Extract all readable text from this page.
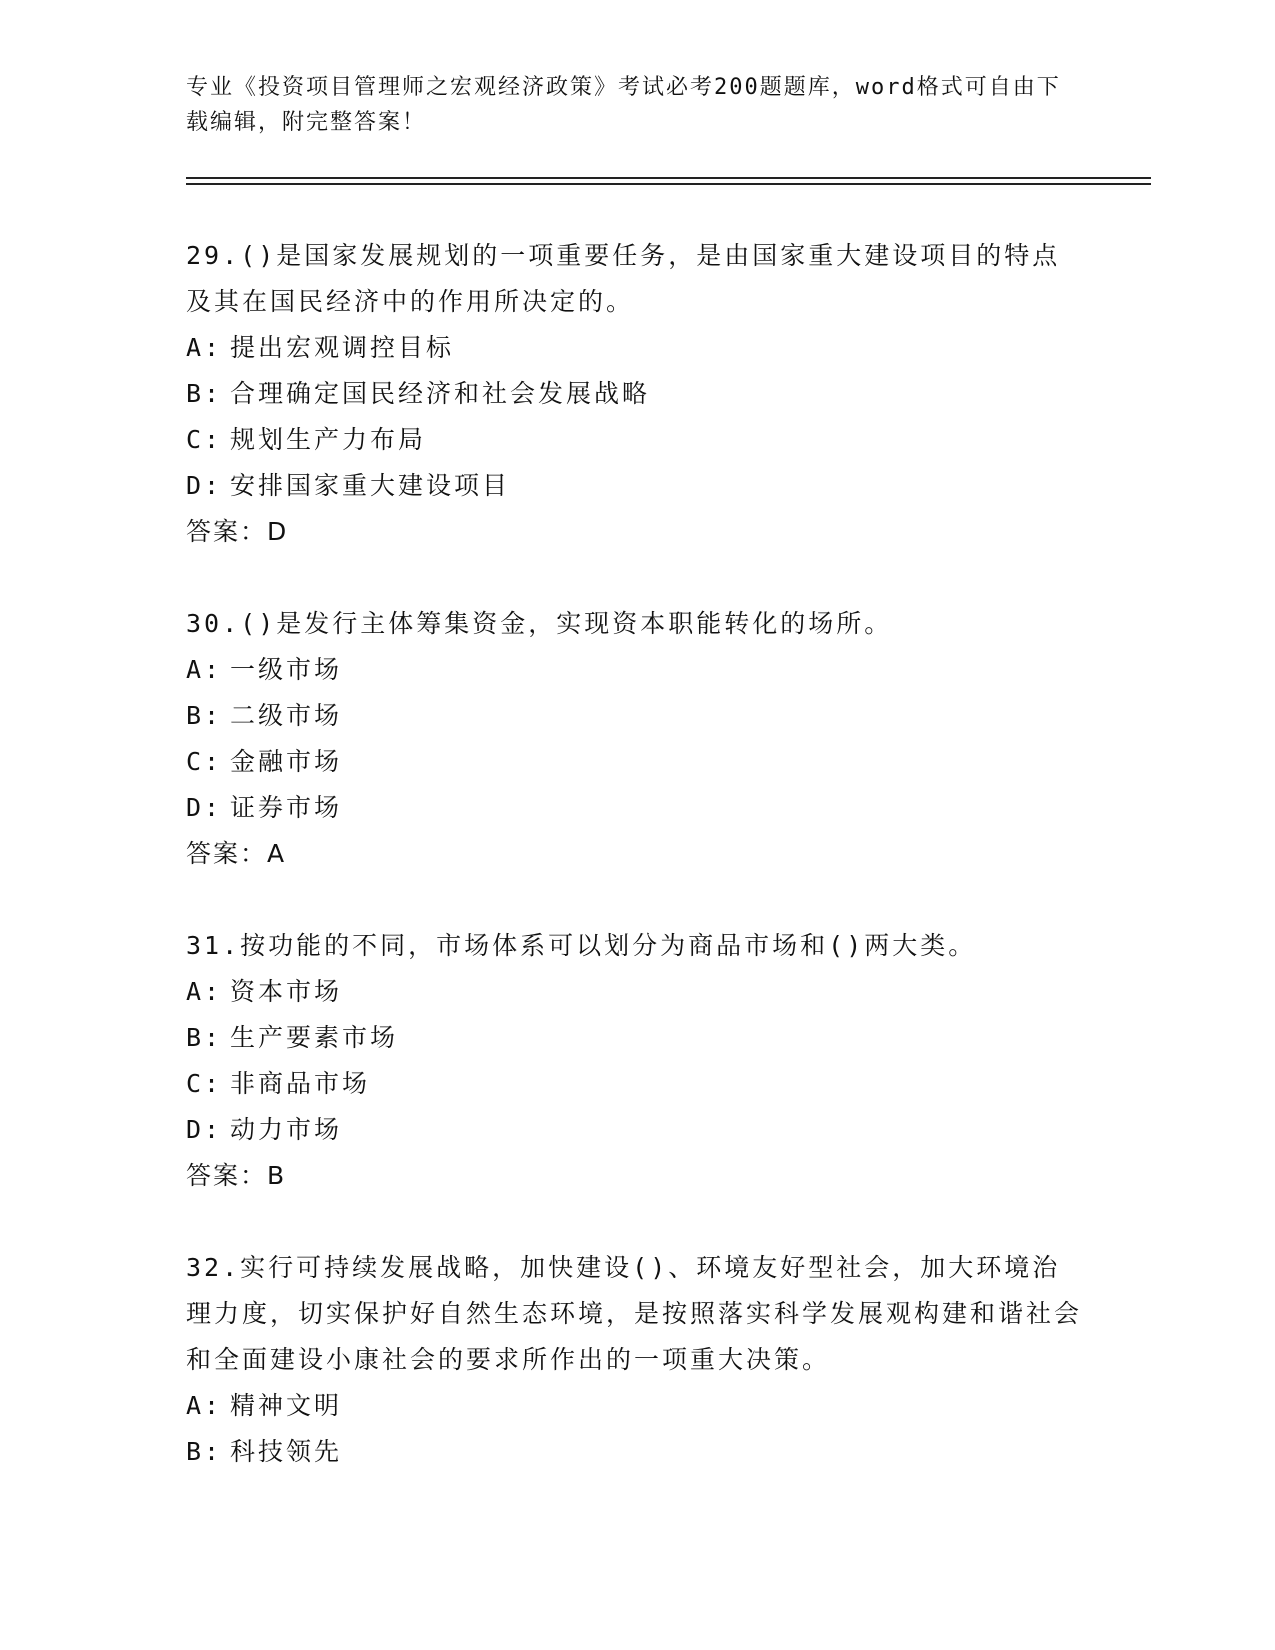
专业《投资项目管理师之宏观经济政策》考试必考200题题库，word格式可自由下载编辑，附完整答案！
29.()是国家发展规划的一项重要任务，是由国家重大建设项目的特点及其在国民经济中的作用所决定的。
A: 提出宏观调控目标
B: 合理确定国民经济和社会发展战略
C: 规划生产力布局
D: 安排国家重大建设项目
答案：D
30.()是发行主体筹集资金，实现资本职能转化的场所。
A: 一级市场
B: 二级市场
C: 金融市场
D: 证券市场
答案：A
31.按功能的不同，市场体系可以划分为商品市场和()两大类。
A: 资本市场
B: 生产要素市场
C: 非商品市场
D: 动力市场
答案：B
32.实行可持续发展战略，加快建设()、环境友好型社会，加大环境治理力度，切实保护好自然生态环境，是按照落实科学发展观构建和谐社会和全面建设小康社会的要求所作出的一项重大决策。
A: 精神文明
B: 科技领先
